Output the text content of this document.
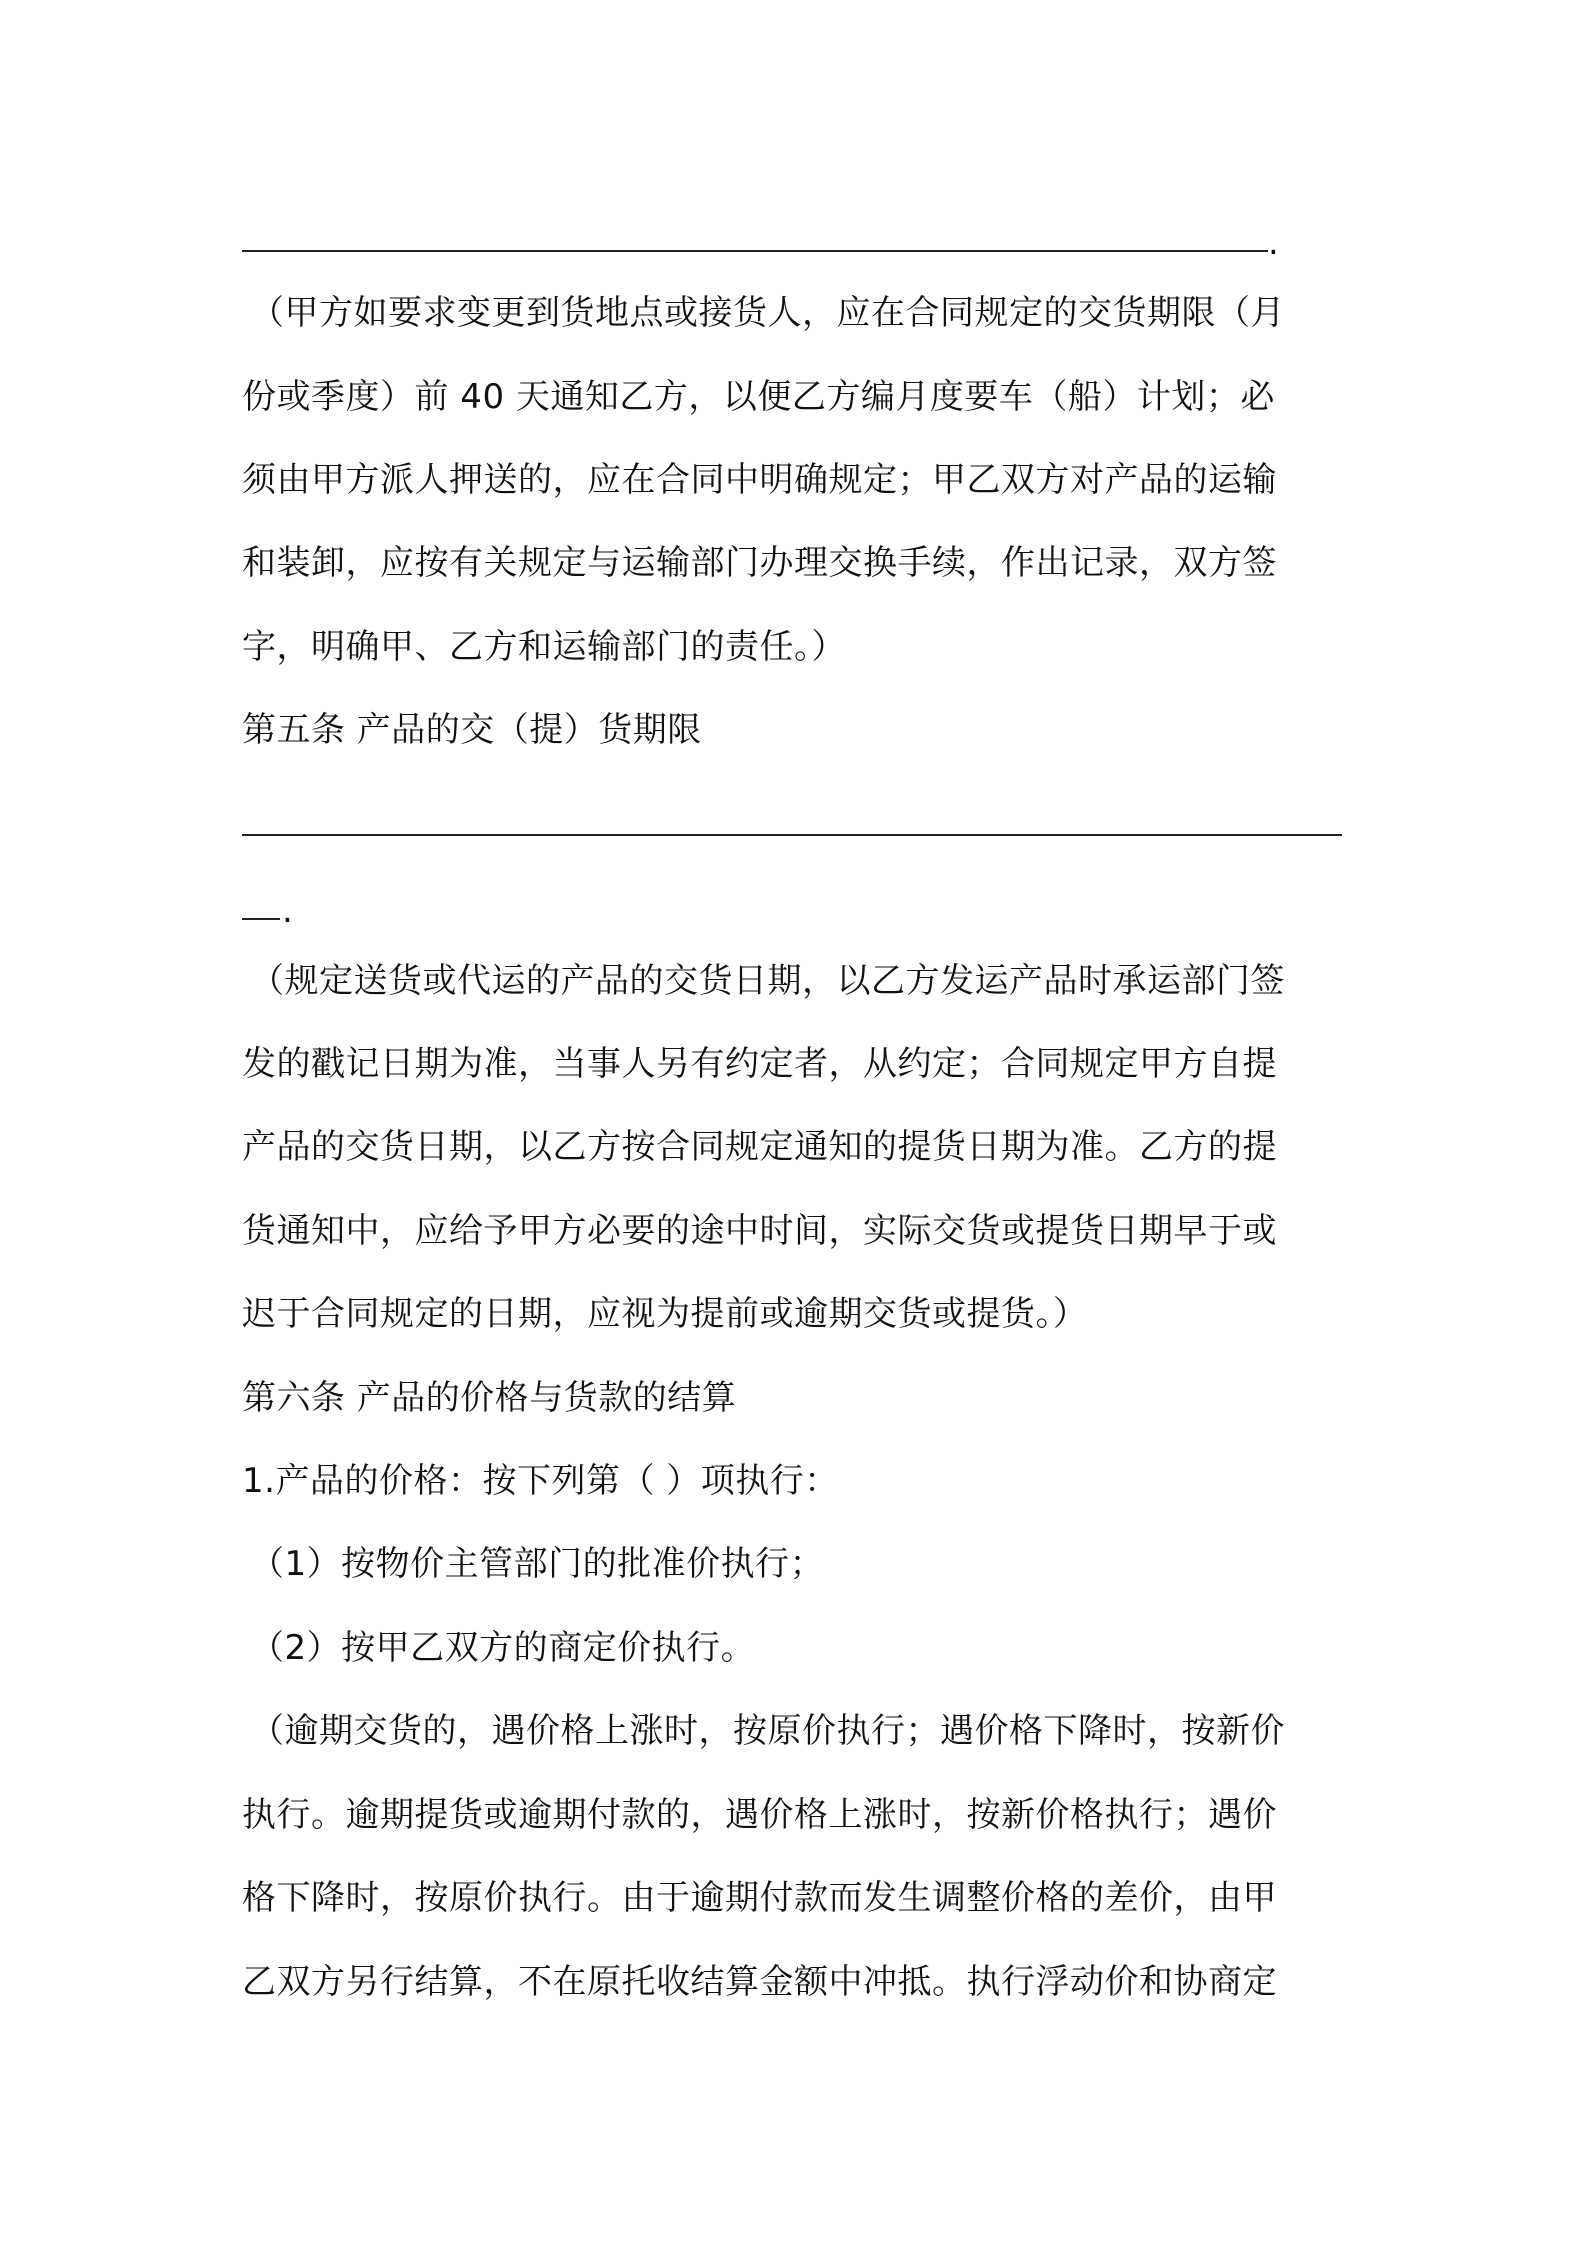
.
（甲方如要求变更到货地点或接货人，应在合同规定的交货期限（月
份或季度）前 40 天通知乙方，以便乙方编月度要车（船）计划；必
须由甲方派人押送的，应在合同中明确规定；甲乙双方对产品的运输
和装卸，应按有关规定与运输部门办理交换手续，作出记录，双方签
字，明确甲、乙方和运输部门的责任。）
第五条 产品的交（提）货期限
.
（规定送货或代运的产品的交货日期，以乙方发运产品时承运部门签
发的戳记日期为准，当事人另有约定者，从约定；合同规定甲方自提
产品的交货日期，以乙方按合同规定通知的提货日期为准。乙方的提
货通知中，应给予甲方必要的途中时间，实际交货或提货日期早于或
迟于合同规定的日期，应视为提前或逾期交货或提货。）
第六条 产品的价格与货款的结算
1.产品的价格：按下列第（ ）项执行：
（1）按物价主管部门的批准价执行；
（2）按甲乙双方的商定价执行。
（逾期交货的，遇价格上涨时，按原价执行；遇价格下降时，按新价
执行。逾期提货或逾期付款的，遇价格上涨时，按新价格执行；遇价
格下降时，按原价执行。由于逾期付款而发生调整价格的差价，由甲
乙双方另行结算，不在原托收结算金额中冲抵。执行浮动价和协商定
